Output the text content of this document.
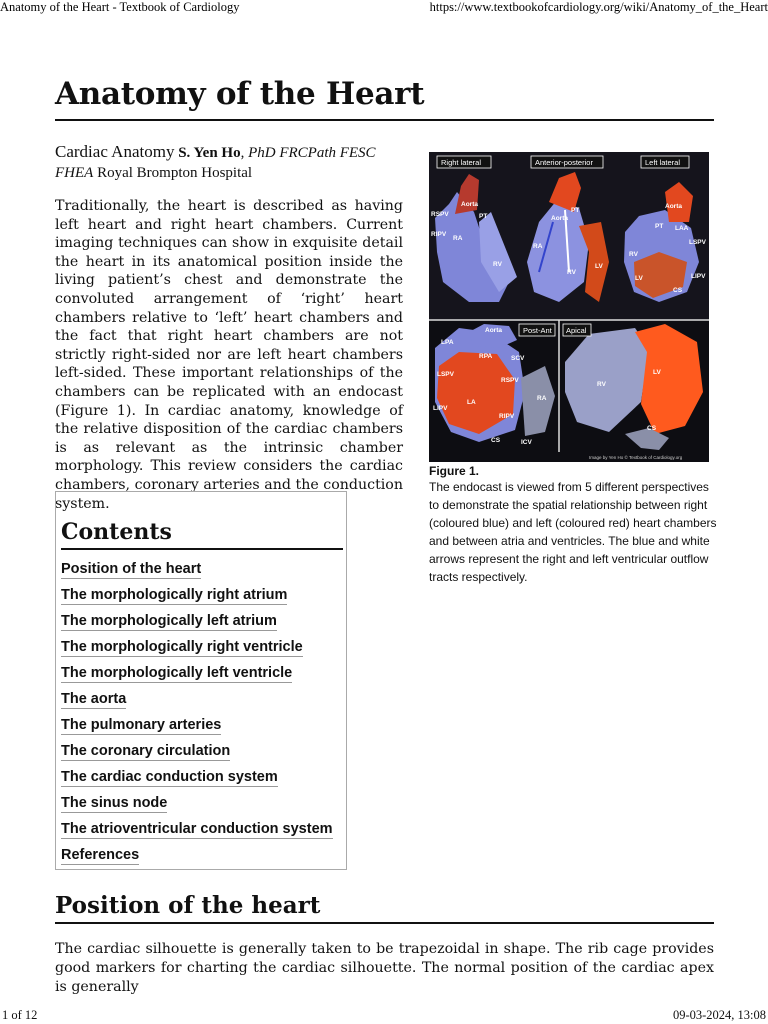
Anatomy of the Heart - Textbook of Cardiology	https://www.textbookofcardiology.org/wiki/Anatomy_of_the_Heart
Anatomy of the Heart
Cardiac Anatomy S. Yen Ho, PhD FRCPath FESC FHEA Royal Brompton Hospital

Traditionally, the heart is described as having left heart and right heart chambers. Current imaging techniques can show in exquisite detail the heart in its anatomical position inside the living patient’s chest and demonstrate the convoluted arrangement of ‘right’ heart chambers relative to ‘left’ heart chambers and the fact that right heart chambers are not strictly right-sided nor are left heart chambers left-sided. These important relationships of the chambers can be replicated with an endocast (Figure 1). In cardiac anatomy, knowledge of the relative disposition of the cardiac chambers is as relevant as the intrinsic chamber morphology. This review considers the cardiac chambers, coronary arteries and the conduction system.

Right lateral	Anterior-posterior	Left lateral
Post-Ant Apical
Aorta
RSPV	PT
RIPV
RA
RV
Aorta
PT
RA
RV
LV
Aorta
PT LAA
LSPV
LIPV
RV
LV
CS
Aorta
LPA
RPA	SCV
LSPV
RSPV
LA
RA
LIPV
RIPV
CS	ICV
RV
LV
CS
Image by Yen Ho © Textbook of Cardiology.org
Figure 1.
The endocast is viewed from 5 different perspectives to demonstrate the spatial relationship between right (coloured blue) and left (coloured red) heart chambers and between atria and ventricles. The blue and white arrows represent the right and left ventricular outflow tracts respectively.
Contents
Position of the heart
The morphologically right atrium
The morphologically left atrium
The morphologically right ventricle
The morphologically left ventricle
The aorta
The pulmonary arteries
The coronary circulation
The cardiac conduction system
The sinus node
The atrioventricular conduction system
References
Position of the heart

The cardiac silhouette is generally taken to be trapezoidal in shape. The rib cage provides good markers for charting the cardiac silhouette. The normal position of the cardiac apex is generally

1 of 12	09-03-2024, 13:08
